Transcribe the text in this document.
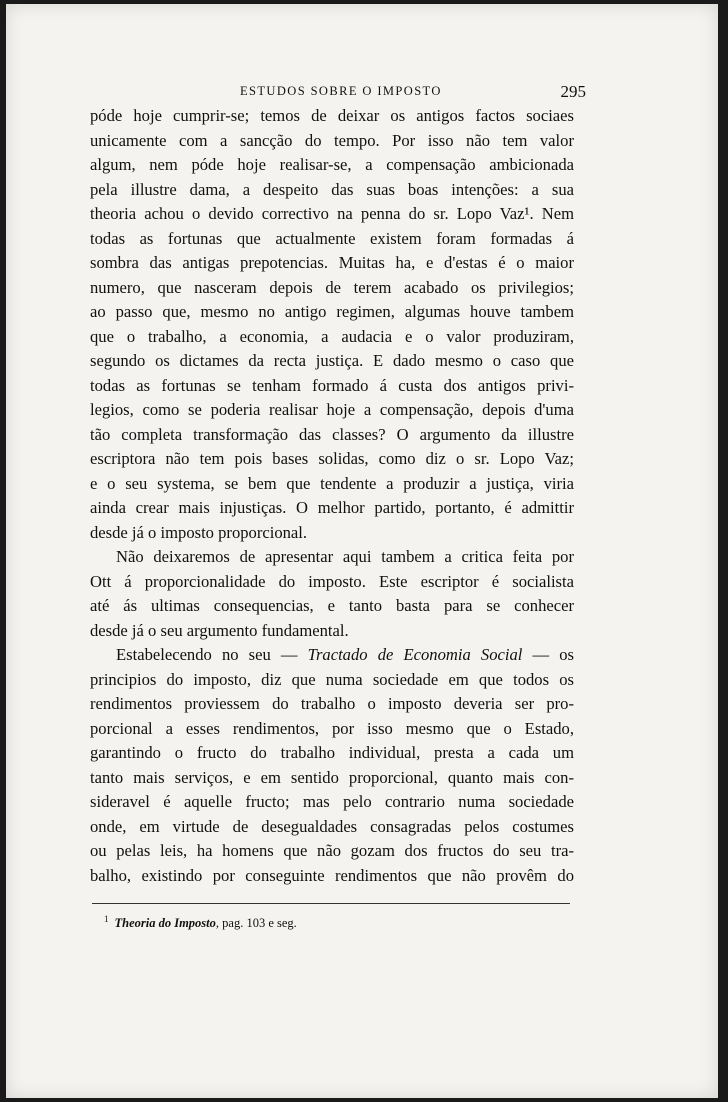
ESTUDOS SOBRE O IMPOSTO	295
póde hoje cumprir-se; temos de deixar os antigos factos sociaes
unicamente com a sancção do tempo. Por isso não tem valor
algum, nem póde hoje realisar-se, a compensação ambicionada
pela illustre dama, a despeito das suas boas intenções: a sua
theoria achou o devido correctivo na penna do sr. Lopo Vaz¹. Nem
todas as fortunas que actualmente existem foram formadas á
sombra das antigas prepotencias. Muitas ha, e d'estas é o maior
numero, que nasceram depois de terem acabado os privilegios;
ao passo que, mesmo no antigo regimen, algumas houve tambem
que o trabalho, a economia, a audacia e o valor produziram,
segundo os dictames da recta justiça. E dado mesmo o caso que
todas as fortunas se tenham formado á custa dos antigos privi-
legios, como se poderia realisar hoje a compensação, depois d'uma
tão completa transformação das classes? O argumento da illustre
escriptora não tem pois bases solidas, como diz o sr. Lopo Vaz;
e o seu systema, se bem que tendente a produzir a justiça, viria
ainda crear mais injustiças. O melhor partido, portanto, é admittir
desde já o imposto proporcional.
Não deixaremos de apresentar aqui tambem a critica feita por
Ott á proporcionalidade do imposto. Este escriptor é socialista
até ás ultimas consequencias, e tanto basta para se conhecer
desde já o seu argumento fundamental.
Estabelecendo no seu — Tractado de Economia Social — os
principios do imposto, diz que numa sociedade em que todos os
rendimentos proviessem do trabalho o imposto deveria ser pro-
porcional a esses rendimentos, por isso mesmo que o Estado,
garantindo o fructo do trabalho individual, presta a cada um
tanto mais serviços, e em sentido proporcional, quanto mais con-
sideravel é aquelle fructo; mas pelo contrario numa sociedade
onde, em virtude de desegualdades consagradas pelos costumes
ou pelas leis, ha homens que não gozam dos fructos do seu tra-
balho, existindo por conseguinte rendimentos que não provêm do
$^1$ Theoria do Imposto, pag. 103 e seg.
